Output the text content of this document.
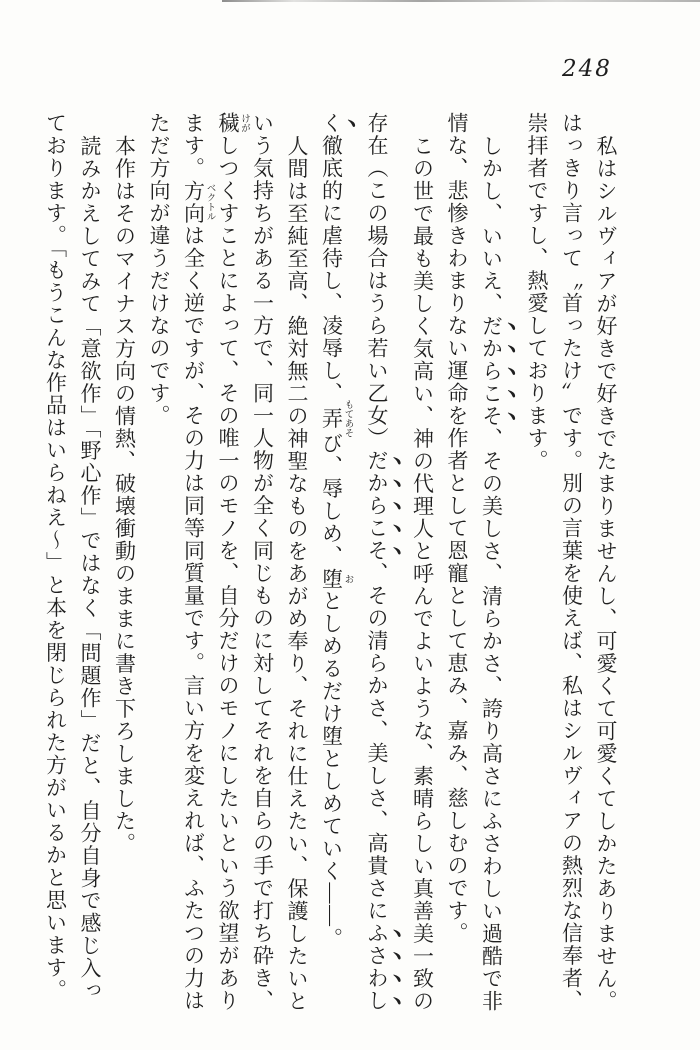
248

私はシルヴィアが好きで好きでたまりませんし、可愛くて可愛くてしかたありません。はっきり言って〝首ったけ〞です。別の言葉を使えば、私はシルヴィアの熱烈な信奉者、崇拝者ですし、熱愛しております。

しかし、いいえ、だからこそ、その美しさ、清らかさ、誇り高さにふさわしい過酷で非情な、悲惨きわまりない運命を作者として恩寵として恵み、嘉み、慈しむのです。

この世で最も美しく気高い、神の代理人と呼んでよいような、素晴らしい真善美一致の存在（この場合はうら若い乙女）だからこそ、その清らかさ、美しさ、高貴さにふさわしく徹底的に虐待し、凌辱し、弄 もてあそび、辱しめ、堕 おとしめるだけ堕としめていく――。

人間は至純至高、絶対無二の神聖なものをあがめ奉り、それに仕えたい、保護したいという気持ちがある一方で、同一人物が全く同じものに対してそれを自らの手で打ち砕き、穢 けがしつくすことによって、その唯一のモノを、自分だけのモノにしたいという欲望があります。方向 ベクトルは全く逆ですが、その力は同等同質量です。言い方を変えれば、ふたつの力はただ方向が違うだけなのです。

本作はそのマイナス方向の情熱、破壊衝動のままに書き下ろしました。

読みかえしてみて「意欲作」「野心作」ではなく「問題作」だと、自分自身で感じ入っております。「もうこんな作品はいらねえ〜」と本を閉じられた方がいるかと思います。
